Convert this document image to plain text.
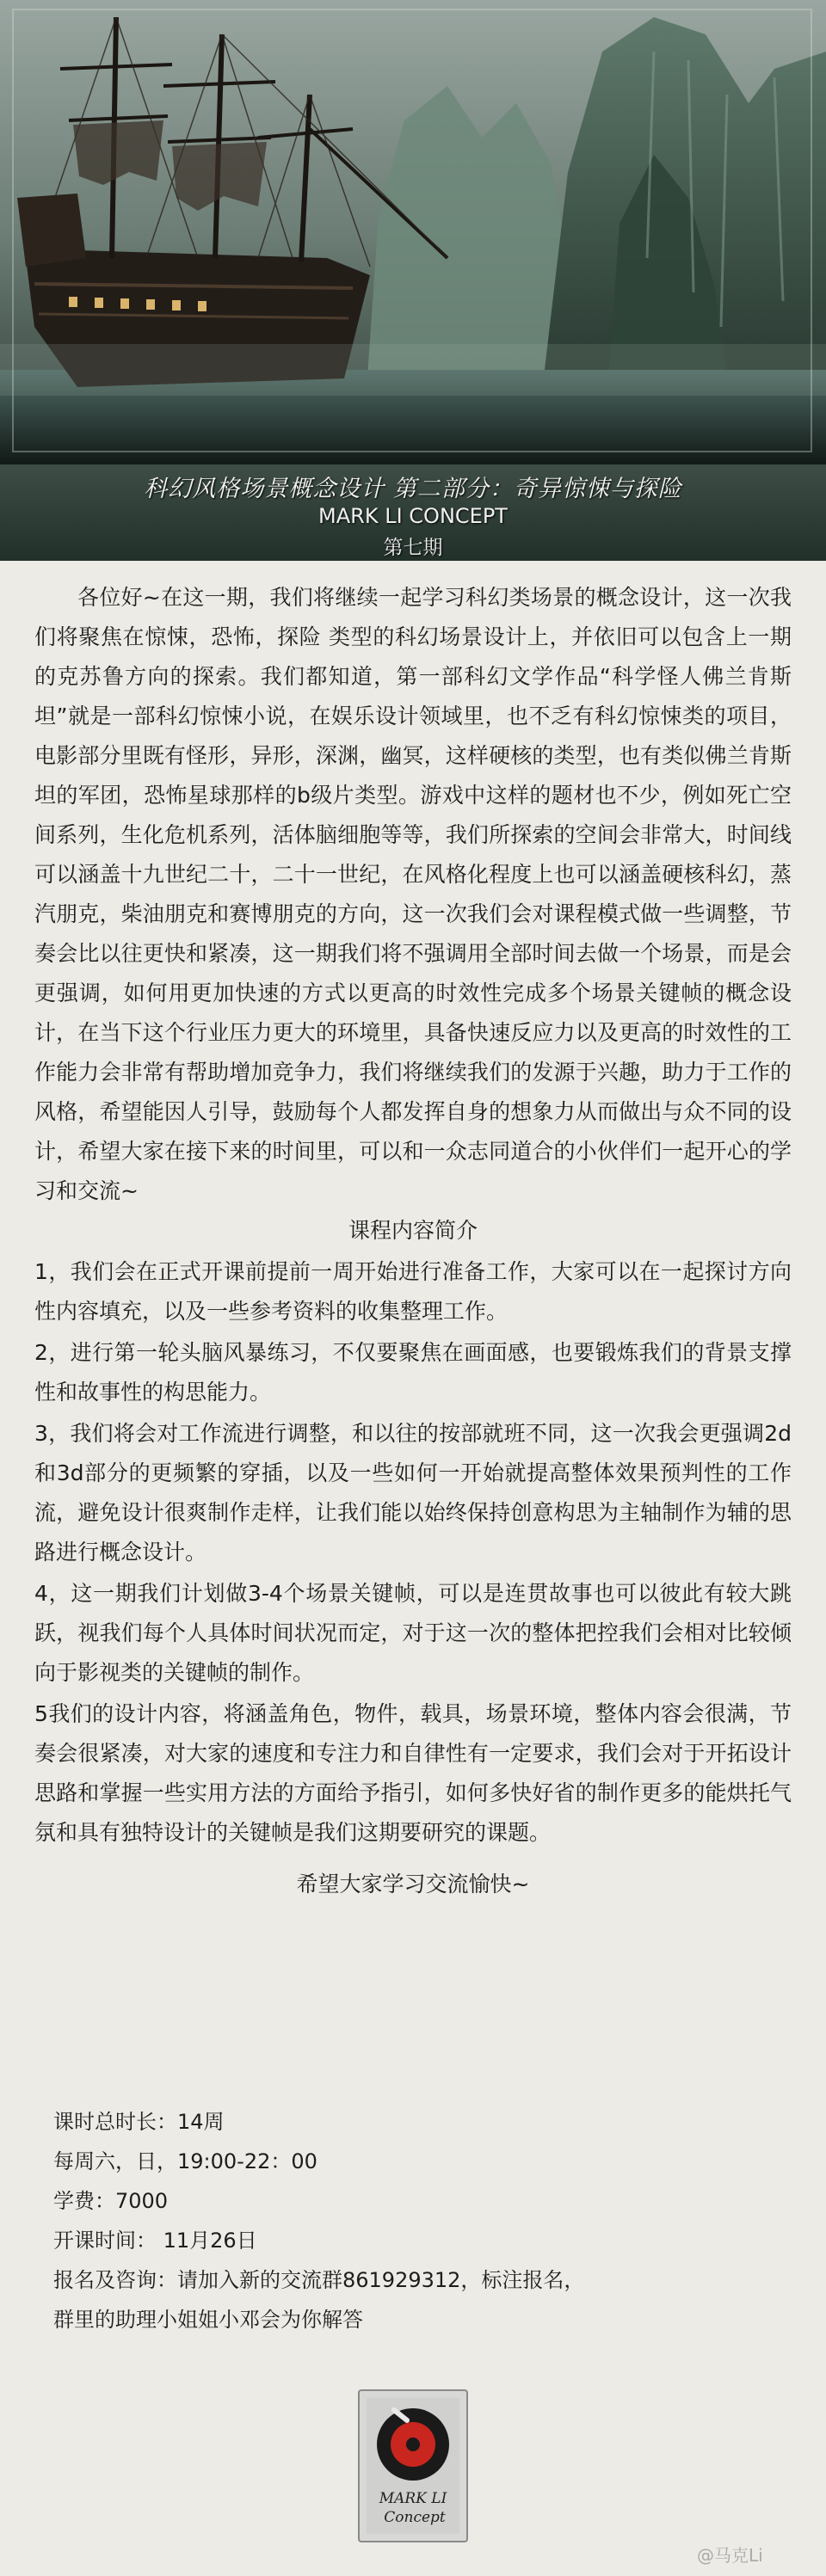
科幻风格场景概念设计 第二部分：奇异惊悚与探险
MARK LI CONCEPT
第七期

各位好~在这一期，我们将继续一起学习科幻类场景的概念设计，这一次我们将聚焦在惊悚，恐怖，探险 类型的科幻场景设计上，并依旧可以包含上一期的克苏鲁方向的探索。我们都知道，第一部科幻文学作品“科学怪人佛兰肯斯坦”就是一部科幻惊悚小说，在娱乐设计领域里，也不乏有科幻惊悚类的项目，电影部分里既有怪形，异形，深渊，幽冥，这样硬核的类型，也有类似佛兰肯斯坦的军团，恐怖星球那样的b级片类型。游戏中这样的题材也不少，例如死亡空间系列，生化危机系列，活体脑细胞等等，我们所探索的空间会非常大，时间线可以涵盖十九世纪二十，二十一世纪，在风格化程度上也可以涵盖硬核科幻，蒸汽朋克，柴油朋克和赛博朋克的方向，这一次我们会对课程模式做一些调整，节奏会比以往更快和紧凑，这一期我们将不强调用全部时间去做一个场景，而是会更强调，如何用更加快速的方式以更高的时效性完成多个场景关键帧的概念设计，在当下这个行业压力更大的环境里，具备快速反应力以及更高的时效性的工作能力会非常有帮助增加竞争力，我们将继续我们的发源于兴趣，助力于工作的风格，希望能因人引导，鼓励每个人都发挥自身的想象力从而做出与众不同的设计，希望大家在接下来的时间里，可以和一众志同道合的小伙伴们一起开心的学习和交流~

课程内容简介

1，我们会在正式开课前提前一周开始进行准备工作，大家可以在一起探讨方向性内容填充，以及一些参考资料的收集整理工作。

2，进行第一轮头脑风暴练习，不仅要聚焦在画面感，也要锻炼我们的背景支撑性和故事性的构思能力。

3，我们将会对工作流进行调整，和以往的按部就班不同，这一次我会更强调2d和3d部分的更频繁的穿插，以及一些如何一开始就提高整体效果预判性的工作流，避免设计很爽制作走样，让我们能以始终保持创意构思为主轴制作为辅的思路进行概念设计。

4，这一期我们计划做3-4个场景关键帧，可以是连贯故事也可以彼此有较大跳跃，视我们每个人具体时间状况而定，对于这一次的整体把控我们会相对比较倾向于影视类的关键帧的制作。

5我们的设计内容，将涵盖角色，物件，载具，场景环境，整体内容会很满，节奏会很紧凑，对大家的速度和专注力和自律性有一定要求，我们会对于开拓设计思路和掌握一些实用方法的方面给予指引，如何多快好省的制作更多的能烘托气氛和具有独特设计的关键帧是我们这期要研究的课题。

希望大家学习交流愉快~

课时总时长：14周

每周六，日，19:00-22：00

学费：7000

开课时间： 11月26日

报名及咨询：请加入新的交流群861929312，标注报名，

群里的助理小姐姐小邓会为你解答

MARK LI
Concept
@马克Li
